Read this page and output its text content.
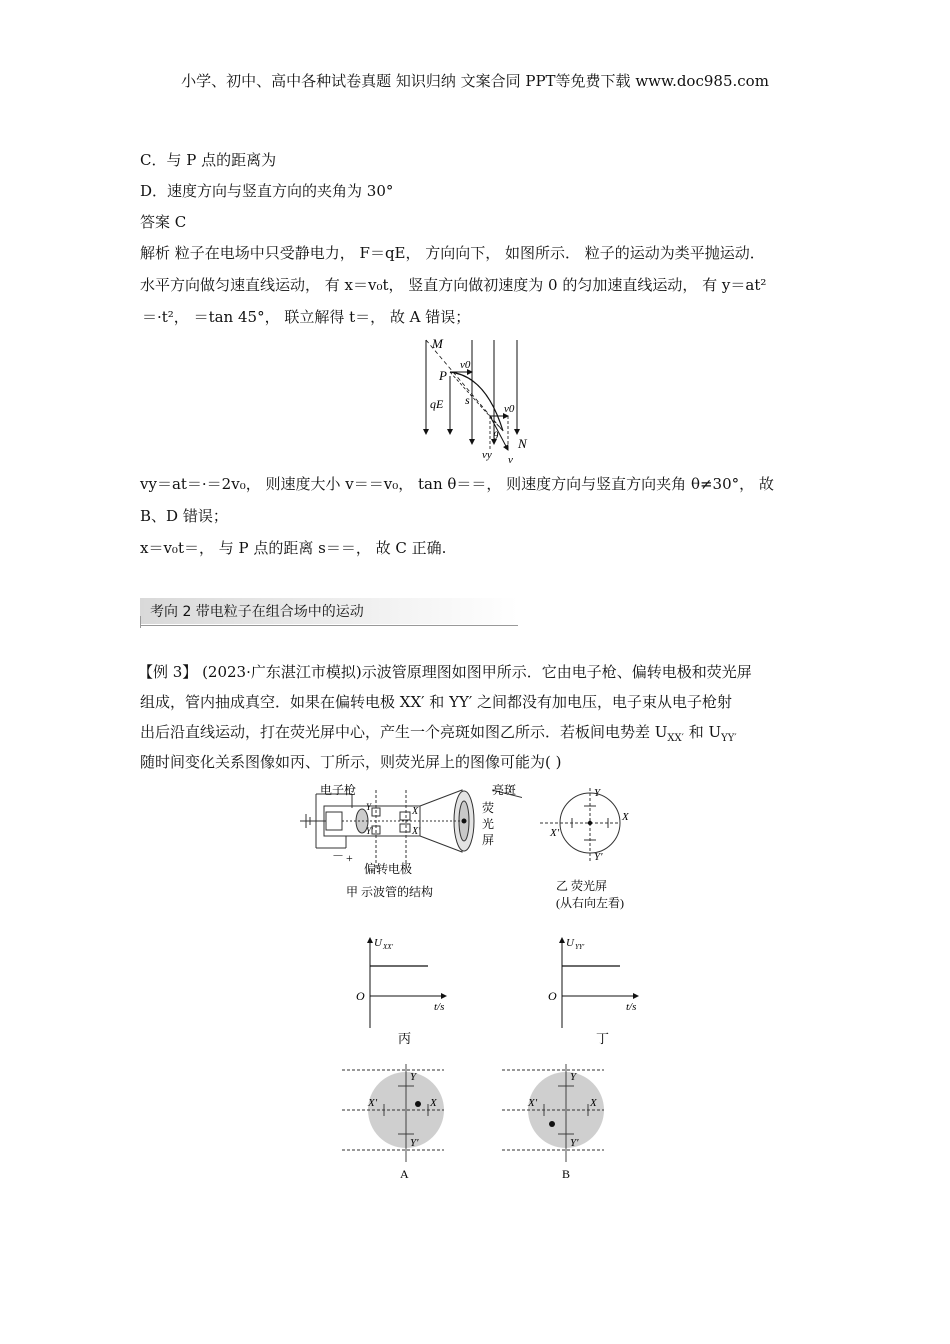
小学、初中、高中各种试卷真题 知识归纳 文案合同 PPT等免费下载 www.doc985.com
C．与 P 点的距离为
D．速度方向与竖直方向的夹角为 30°
答案 C
解析 粒子在电场中只受静电力， F＝qE， 方向向下， 如图所示． 粒子的运动为类平抛运动．
水平方向做匀速直线运动， 有 x＝v₀t， 竖直方向做初速度为 0 的匀加速直线运动， 有 y＝at²
＝·t²， ＝tan 45°， 联立解得 t＝， 故 A 错误；
M
P
v0
qE s
v0
θ N
vy v
vy＝at＝·＝2v₀， 则速度大小 v＝＝v₀， tan θ＝＝， 则速度方向与竖直方向夹角 θ≠30°， 故
B、D 错误；
x＝v₀t＝， 与 P 点的距离 s＝＝， 故 C 正确.
考向 2 带电粒子在组合场中的运动
【例 3】 (2023·广东湛江市模拟)示波管原理图如图甲所示．它由电子枪、偏转电极和荧光屏
组成，管内抽成真空．如果在偏转电极 XX′ 和 YY′ 之间都没有加电压，电子束从电子枪射
出后沿直线运动，打在荧光屏中心，产生一个亮斑如图乙所示．若板间电势差 $U_{XX'}$ 和 $U_{YY'}$
随时间变化关系图像如丙、丁所示，则荧光屏上的图像可能为( )
电子枪
偏转电极
甲 示波管的结构
亮斑
荧
光
屏
－ +
Y
Y′
X
X′
Y
Y′
X
X′
乙 荧光屏
(从右向左看)
U XX′
O
t/s
丙
U YY′
O
t/s
丁
Y
Y′
X
X′
A
Y
Y′
X
X′
B
